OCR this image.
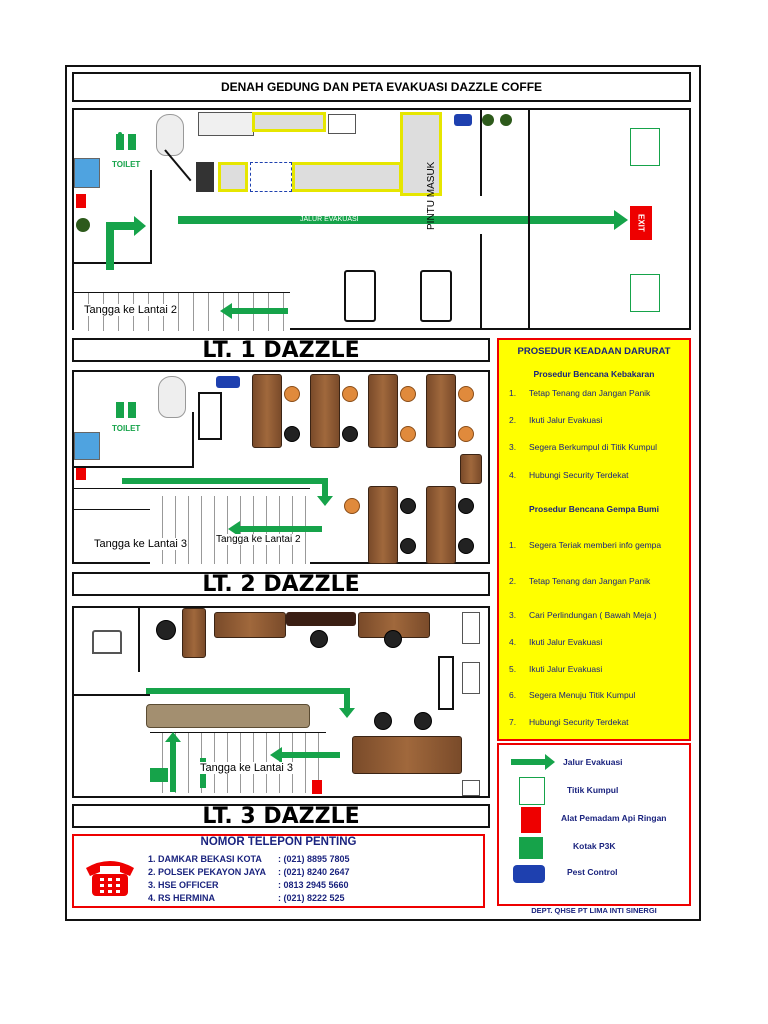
DENAH GEDUNG DAN PETA EVAKUASI DAZZLE COFFE
TOILET
JALUR EVAKUASI	PINTU MASUK	EXIT
Tangga ke Lantai 2
LT. 1 DAZZLE
TOILET
Tangga ke Lantai 3	Tangga ke Lantai 2
LT. 2 DAZZLE
Tangga ke Lantai 3
LT. 3 DAZZLE
NOMOR TELEPON PENTING
1. DAMKAR BEKASI KOTA : (021) 8895 7805
2. POLSEK PEKAYON JAYA : (021) 8240 2647
3. HSE OFFICER	: 0813 2945 5660
4. RS HERMINA	: (021) 8222 525
PROSEDUR KEADAAN DARURAT
Prosedur Bencana Kebakaran
1. Tetap Tenang dan Jangan Panik
2. Ikuti Jalur Evakuasi
3. Segera Berkumpul di Titik Kumpul
4. Hubungi Security Terdekat
Prosedur Bencana Gempa Bumi
1. Segera Teriak memberi info gempa
2. Tetap Tenang dan Jangan Panik
3. Cari Perlindungan ( Bawah Meja )
4. Ikuti Jalur Evakuasi
5. Ikuti Jalur Evakuasi
6. Segera Menuju Titik Kumpul
7. Hubungi Security Terdekat
Jalur Evakuasi
Titik Kumpul
Alat Pemadam Api Ringan
Kotak P3K
Pest Control
DEPT. QHSE PT LIMA INTI SINERGI
